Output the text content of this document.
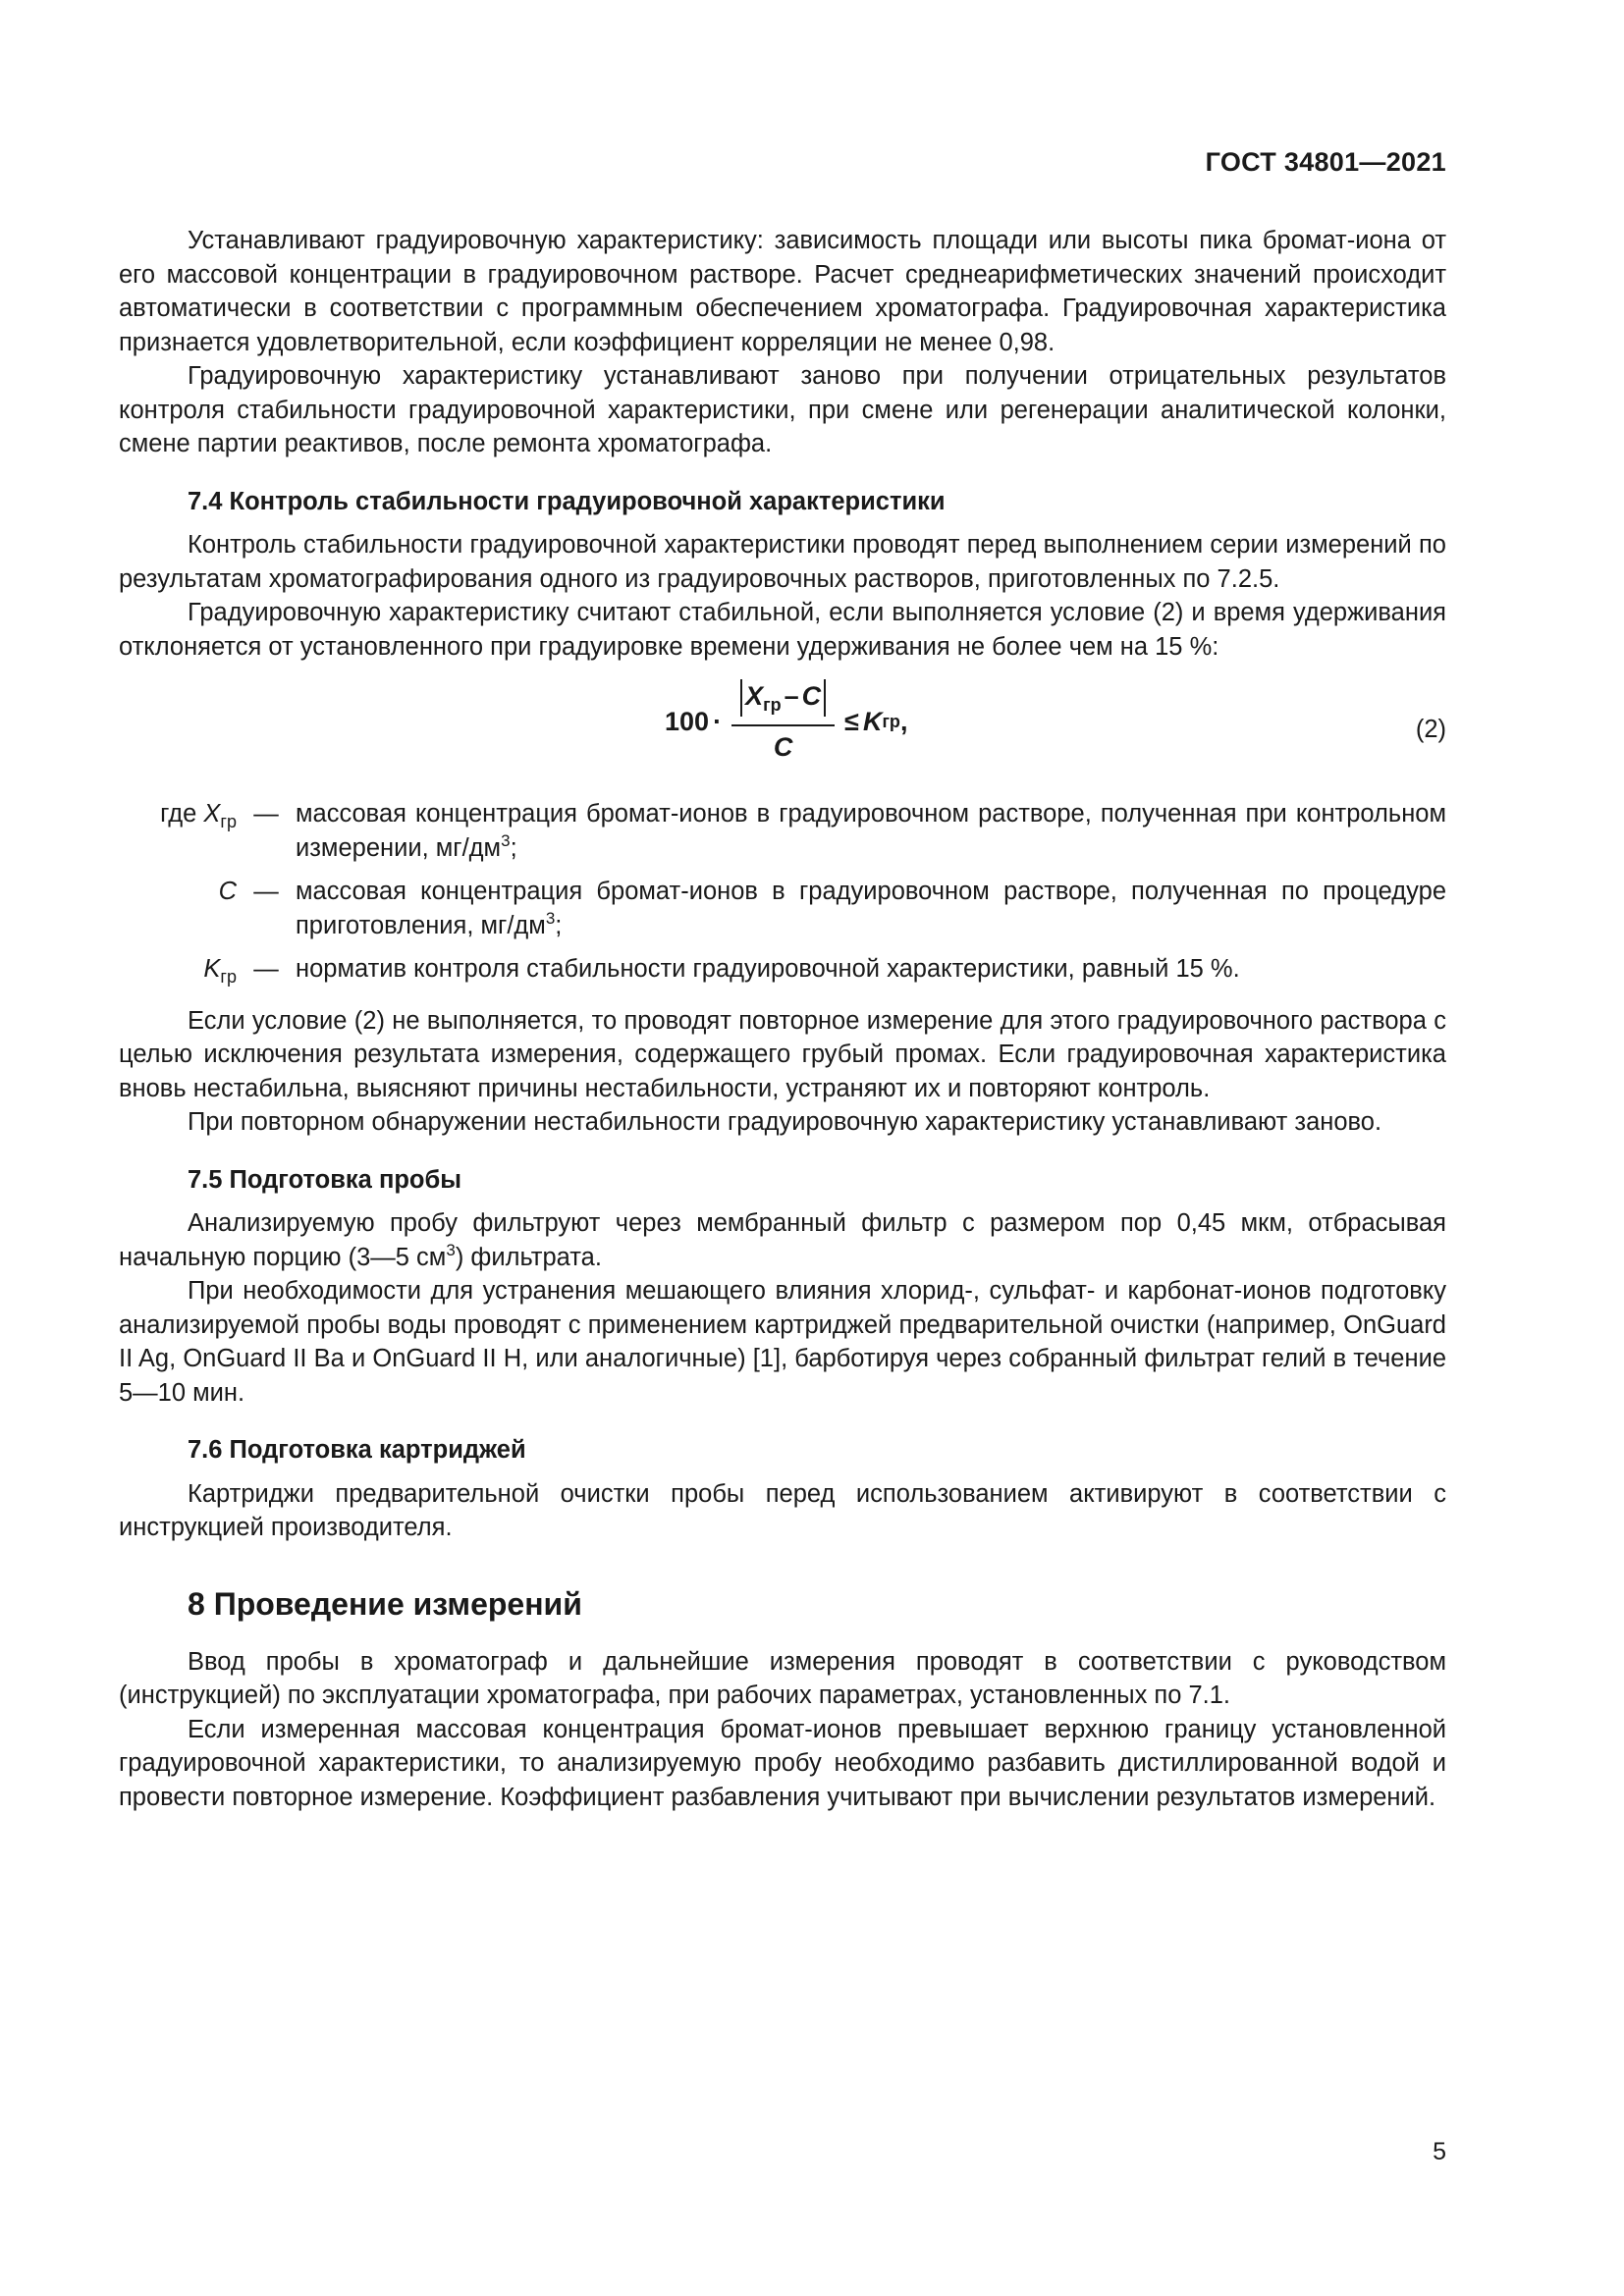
ГОСТ 34801—2021

Устанавливают градуировочную характеристику: зависимость площади или высоты пика бромат-иона от его массовой концентрации в градуировочном растворе. Расчет среднеарифметических значений происходит автоматически в соответствии с программным обеспечением хроматографа. Градуировочная характеристика признается удовлетворительной, если коэффициент корреляции не менее 0,98.

Градуировочную характеристику устанавливают заново при получении отрицательных результатов контроля стабильности градуировочной характеристики, при смене или регенерации аналитической колонки, смене партии реактивов, после ремонта хроматографа.

7.4 Контроль стабильности градуировочной характеристики

Контроль стабильности градуировочной характеристики проводят перед выполнением серии измерений по результатам хроматографирования одного из градуировочных растворов, приготовленных по 7.2.5.

Градуировочную характеристику считают стабильной, если выполняется условие (2) и время удерживания отклоняется от установленного при градуировке времени удерживания не более чем на 15 %:

$100 \cdot \frac{X_{гр} - C}{C} \le K$ гр ,	(2)
где $X_{гр}$ — массовая концентрация бромат-ионов в градуировочном растворе, полученная при контрольном измерении, $мг/дм^3$;
C — массовая концентрация бромат-ионов в градуировочном растворе, полученная по процедуре приготовления, $мг/дм^3$;
$K_{гр}$ — норматив контроля стабильности градуировочной характеристики, равный 15 %.

Если условие (2) не выполняется, то проводят повторное измерение для этого градуировочного раствора с целью исключения результата измерения, содержащего грубый промах. Если градуировочная характеристика вновь нестабильна, выясняют причины нестабильности, устраняют их и повторяют контроль.

При повторном обнаружении нестабильности градуировочную характеристику устанавливают заново.

7.5 Подготовка пробы

Анализируемую пробу фильтруют через мембранный фильтр с размером пор 0,45 мкм, отбрасывая начальную порцию (3—5 $см^3$) фильтрата.

При необходимости для устранения мешающего влияния хлорид-, сульфат- и карбонат-ионов подготовку анализируемой пробы воды проводят с применением картриджей предварительной очистки (например, OnGuard II Ag, OnGuard II Ba и OnGuard II H, или аналогичные) [1], барботируя через собранный фильтрат гелий в течение 5—10 мин.

7.6 Подготовка картриджей

Картриджи предварительной очистки пробы перед использованием активируют в соответствии с инструкцией производителя.

8 Проведение измерений

Ввод пробы в хроматограф и дальнейшие измерения проводят в соответствии с руководством (инструкцией) по эксплуатации хроматографа, при рабочих параметрах, установленных по 7.1.

Если измеренная массовая концентрация бромат-ионов превышает верхнюю границу установленной градуировочной характеристики, то анализируемую пробу необходимо разбавить дистиллированной водой и провести повторное измерение. Коэффициент разбавления учитывают при вычислении результатов измерений.

5
